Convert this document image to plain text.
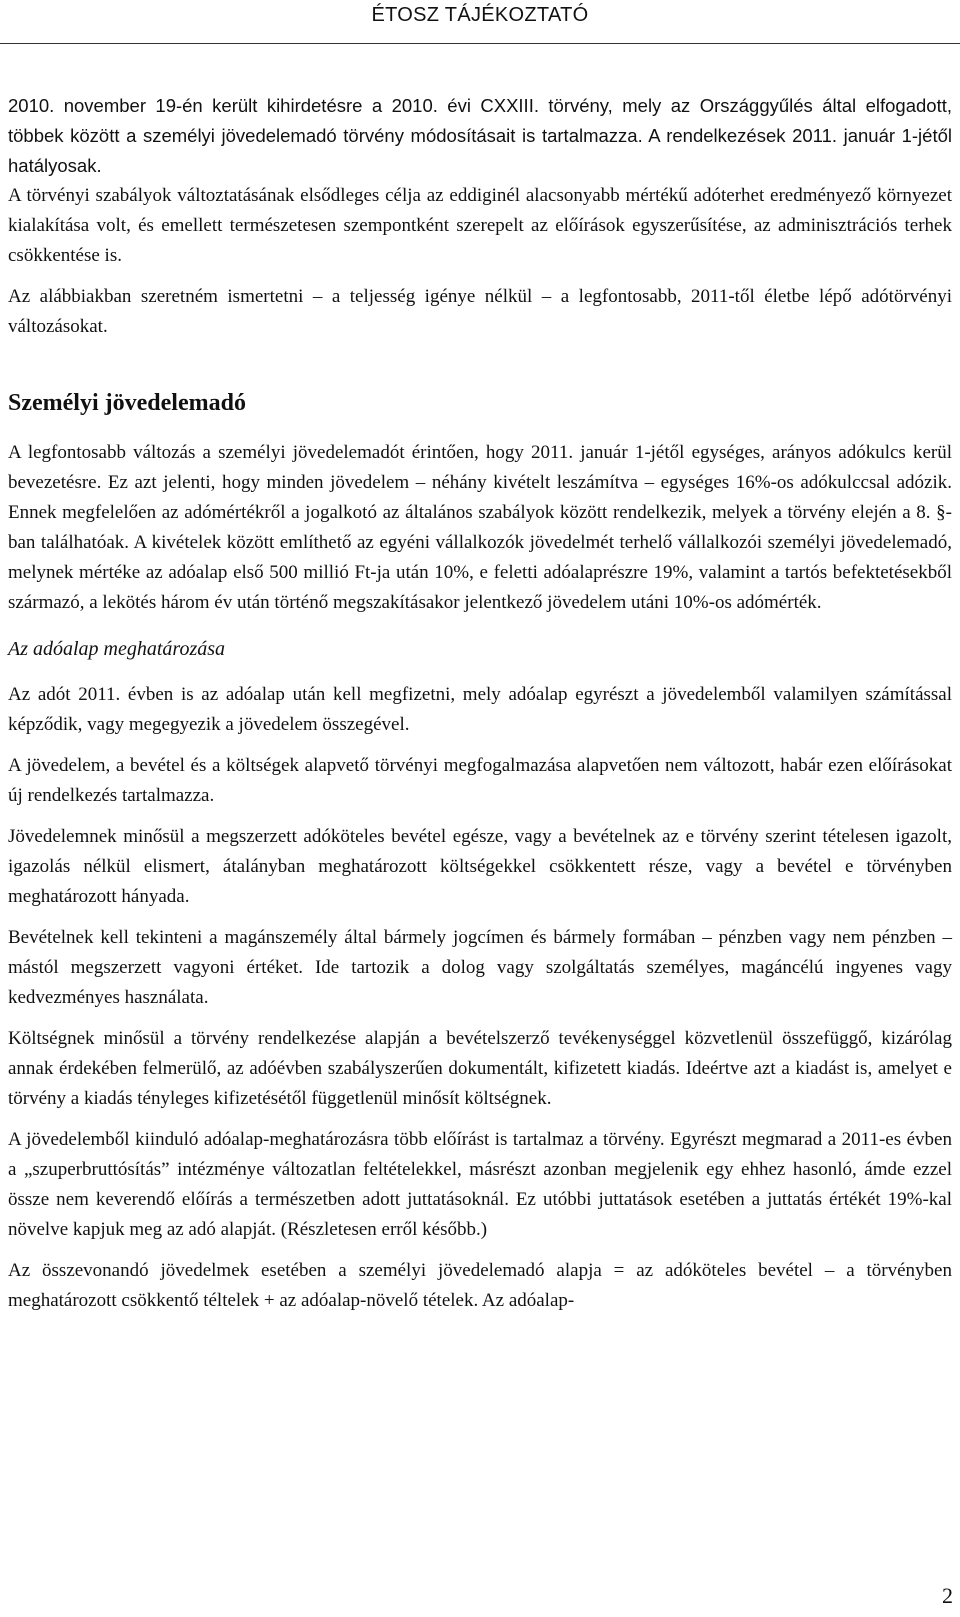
ÉTOSZ TÁJÉKOZTATÓ

2010. november 19-én került kihirdetésre a 2010. évi CXXIII. törvény, mely az Országgyűlés által elfogadott, többek között a személyi jövedelemadó törvény módosításait is tartalmazza. A rendelkezések 2011. január 1-jétől hatályosak.

A törvényi szabályok változtatásának elsődleges célja az eddiginél alacsonyabb mértékű adóterhet eredményező környezet kialakítása volt, és emellett természetesen szempontként szerepelt az előírások egyszerűsítése, az adminisztrációs terhek csökkentése is.

Az alábbiakban szeretném ismertetni – a teljesség igénye nélkül – a legfontosabb, 2011-től életbe lépő adótörvényi változásokat.

Személyi jövedelemadó

A legfontosabb változás a személyi jövedelemadót érintően, hogy 2011. január 1-jétől egységes, arányos adókulcs kerül bevezetésre. Ez azt jelenti, hogy minden jövedelem – néhány kivételt leszámítva – egységes 16%-os adókulccsal adózik. Ennek megfelelően az adómértékről a jogalkotó az általános szabályok között rendelkezik, melyek a törvény elején a 8. §-ban találhatóak. A kivételek között említhető az egyéni vállalkozók jövedelmét terhelő vállalkozói személyi jövedelemadó, melynek mértéke az adóalap első 500 millió Ft-ja után 10%, e feletti adóalaprészre 19%, valamint a tartós befektetésekből származó, a lekötés három év után történő megszakításakor jelentkező jövedelem utáni 10%-os adómérték.

Az adóalap meghatározása

Az adót 2011. évben is az adóalap után kell megfizetni, mely adóalap egyrészt a jövedelemből valamilyen számítással képződik, vagy megegyezik a jövedelem összegével.

A jövedelem, a bevétel és a költségek alapvető törvényi megfogalmazása alapvetően nem változott, habár ezen előírásokat új rendelkezés tartalmazza.

Jövedelemnek minősül a megszerzett adóköteles bevétel egésze, vagy a bevételnek az e törvény szerint tételesen igazolt, igazolás nélkül elismert, átalányban meghatározott költségekkel csökkentett része, vagy a bevétel e törvényben meghatározott hányada.

Bevételnek kell tekinteni a magánszemély által bármely jogcímen és bármely formában – pénzben vagy nem pénzben – mástól megszerzett vagyoni értéket. Ide tartozik a dolog vagy szolgáltatás személyes, magáncélú ingyenes vagy kedvezményes használata.

Költségnek minősül a törvény rendelkezése alapján a bevételszerző tevékenységgel közvetlenül összefüggő, kizárólag annak érdekében felmerülő, az adóévben szabályszerűen dokumentált, kifizetett kiadás. Ideértve azt a kiadást is, amelyet e törvény a kiadás tényleges kifizetésétől függetlenül minősít költségnek.

A jövedelemből kiinduló adóalap-meghatározásra több előírást is tartalmaz a törvény. Egyrészt megmarad a 2011-es évben a „szuperbruttósítás” intézménye változatlan feltételekkel, másrészt azonban megjelenik egy ehhez hasonló, ámde ezzel össze nem keverendő előírás a természetben adott juttatásoknál. Ez utóbbi juttatások esetében a juttatás értékét 19%-kal növelve kapjuk meg az adó alapját. (Részletesen erről később.)

Az összevonandó jövedelmek esetében a személyi jövedelemadó alapja = az adóköteles bevétel – a törvényben meghatározott csökkentő téltelek + az adóalap-növelő tételek. Az adóalap-

2
